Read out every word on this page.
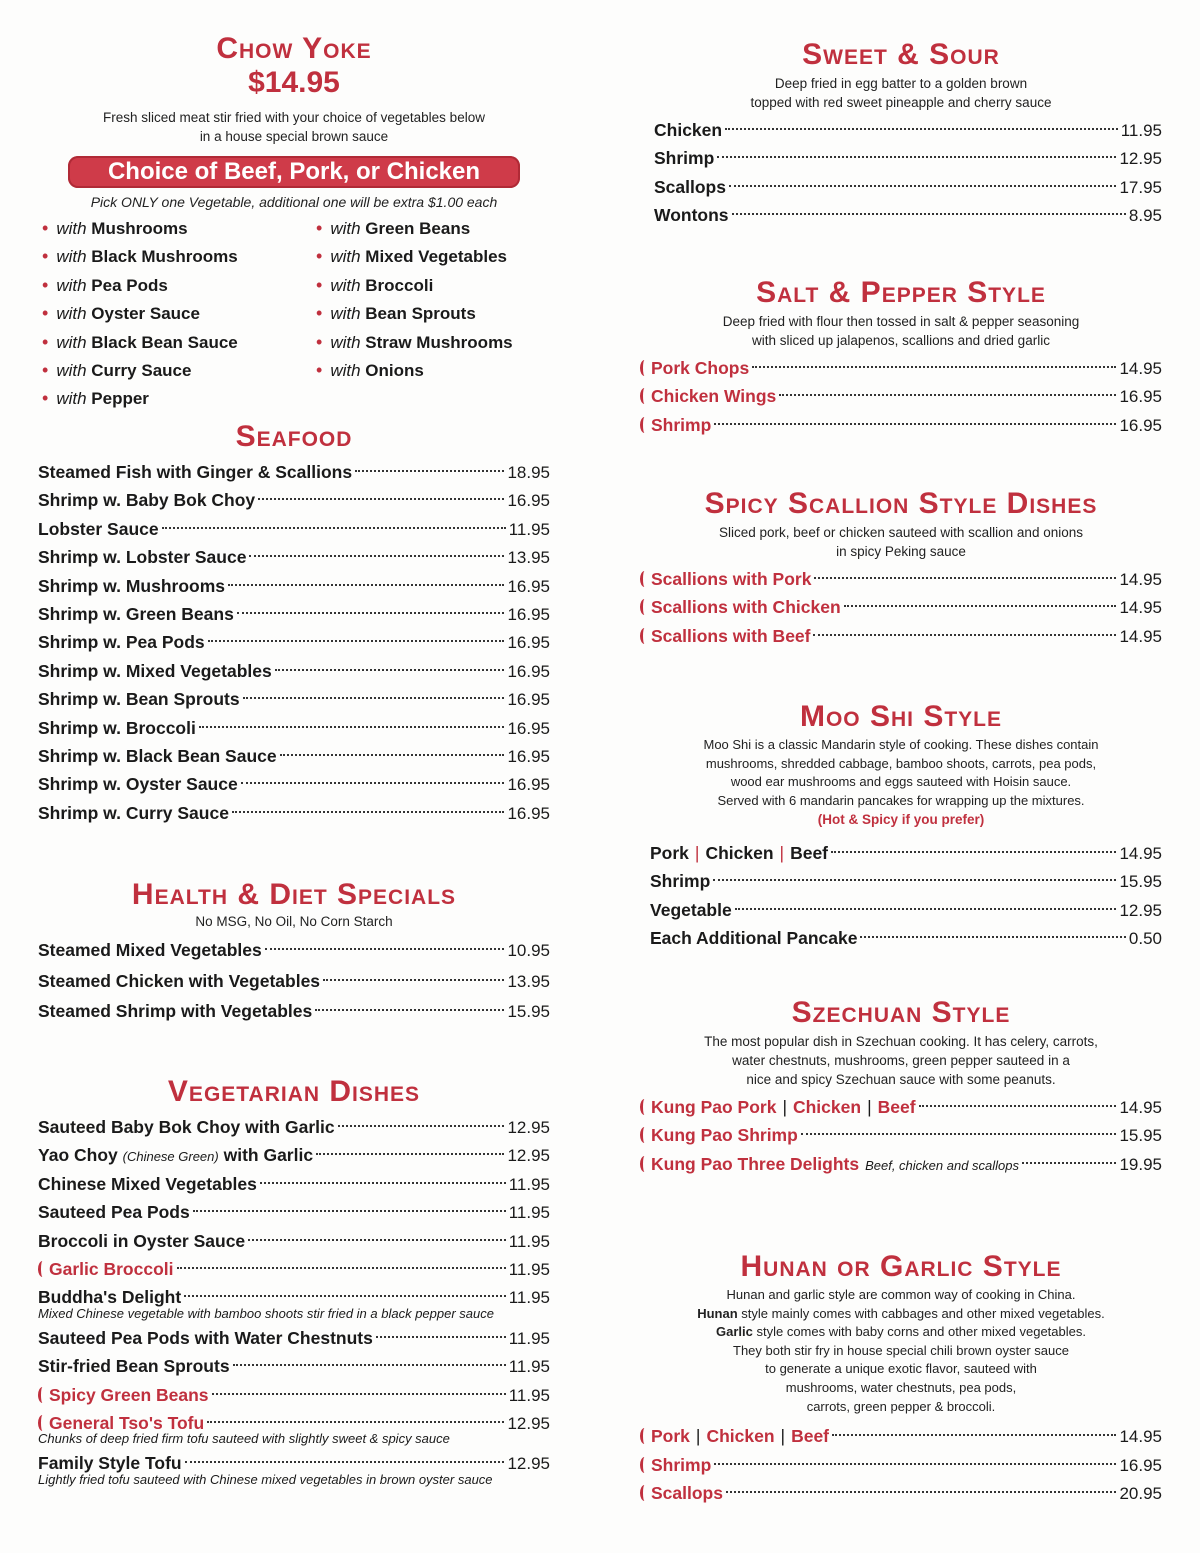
Chow Yoke
$14.95
Fresh sliced meat stir fried with your choice of vegetables below
in a house special brown sauce
Choice of Beef, Pork, or Chicken
Pick ONLY one Vegetable, additional one will be extra $1.00 each
• with Mushrooms
• with Black Mushrooms
• with Pea Pods
• with Oyster Sauce
• with Black Bean Sauce
• with Curry Sauce
• with Pepper
• with Green Beans
• with Mixed Vegetables
• with Broccoli
• with Bean Sprouts
• with Straw Mushrooms
• with Onions
Seafood
Steamed Fish with Ginger & Scallions	18.95
Shrimp w. Baby Bok Choy	16.95
Lobster Sauce	11.95
Shrimp w. Lobster Sauce	13.95
Shrimp w. Mushrooms	16.95
Shrimp w. Green Beans	16.95
Shrimp w. Pea Pods	16.95
Shrimp w. Mixed Vegetables	16.95
Shrimp w. Bean Sprouts	16.95
Shrimp w. Broccoli	16.95
Shrimp w. Black Bean Sauce	16.95
Shrimp w. Oyster Sauce	16.95
Shrimp w. Curry Sauce	16.95
Health & Diet Specials
No MSG, No Oil, No Corn Starch
Steamed Mixed Vegetables	10.95
Steamed Chicken with Vegetables	13.95
Steamed Shrimp with Vegetables	15.95
Vegetarian Dishes
Sauteed Baby Bok Choy with Garlic	12.95
Yao Choy (Chinese Green) with Garlic	12.95
Chinese Mixed Vegetables	11.95
Sauteed Pea Pods	11.95
Broccoli in Oyster Sauce	11.95
Garlic Broccoli	11.95
Buddha's Delight	11.95
Mixed Chinese vegetable with bamboo shoots stir fried in a black pepper sauce
Sauteed Pea Pods with Water Chestnuts	11.95
Stir-fried Bean Sprouts	11.95
Spicy Green Beans	11.95
General Tso's Tofu	12.95
Chunks of deep fried firm tofu sauteed with slightly sweet & spicy sauce
Family Style Tofu	12.95
Lightly fried tofu sauteed with Chinese mixed vegetables in brown oyster sauce
Sweet & Sour
Deep fried in egg batter to a golden brown
topped with red sweet pineapple and cherry sauce
Chicken	11.95
Shrimp	12.95
Scallops	17.95
Wontons	8.95
Salt & Pepper Style
Deep fried with flour then tossed in salt & pepper seasoning
with sliced up jalapenos, scallions and dried garlic
Pork Chops	14.95
Chicken Wings	16.95
Shrimp	16.95
Spicy Scallion Style Dishes
Sliced pork, beef or chicken sauteed with scallion and onions
in spicy Peking sauce
Scallions with Pork	14.95
Scallions with Chicken	14.95
Scallions with Beef	14.95
Moo Shi Style
Moo Shi is a classic Mandarin style of cooking. These dishes contain
mushrooms, shredded cabbage, bamboo shoots, carrots, pea pods,
wood ear mushrooms and eggs sauteed with Hoisin sauce.
Served with 6 mandarin pancakes for wrapping up the mixtures.
(Hot & Spicy if you prefer)
Pork | Chicken | Beef	14.95
Shrimp	15.95
Vegetable	12.95
Each Additional Pancake	0.50
Szechuan Style
The most popular dish in Szechuan cooking. It has celery, carrots,
water chestnuts, mushrooms, green pepper sauteed in a
nice and spicy Szechuan sauce with some peanuts.
Kung Pao Pork | Chicken | Beef	14.95
Kung Pao Shrimp	15.95
Kung Pao Three Delights Beef, chicken and scallops	19.95
Hunan or Garlic Style
Hunan and garlic style are common way of cooking in China.
Hunan style mainly comes with cabbages and other mixed vegetables.
Garlic style comes with baby corns and other mixed vegetables.
They both stir fry in house special chili brown oyster sauce
to generate a unique exotic flavor, sauteed with
mushrooms, water chestnuts, pea pods,
carrots, green pepper & broccoli.
Pork | Chicken | Beef	14.95
Shrimp	16.95
Scallops	20.95
